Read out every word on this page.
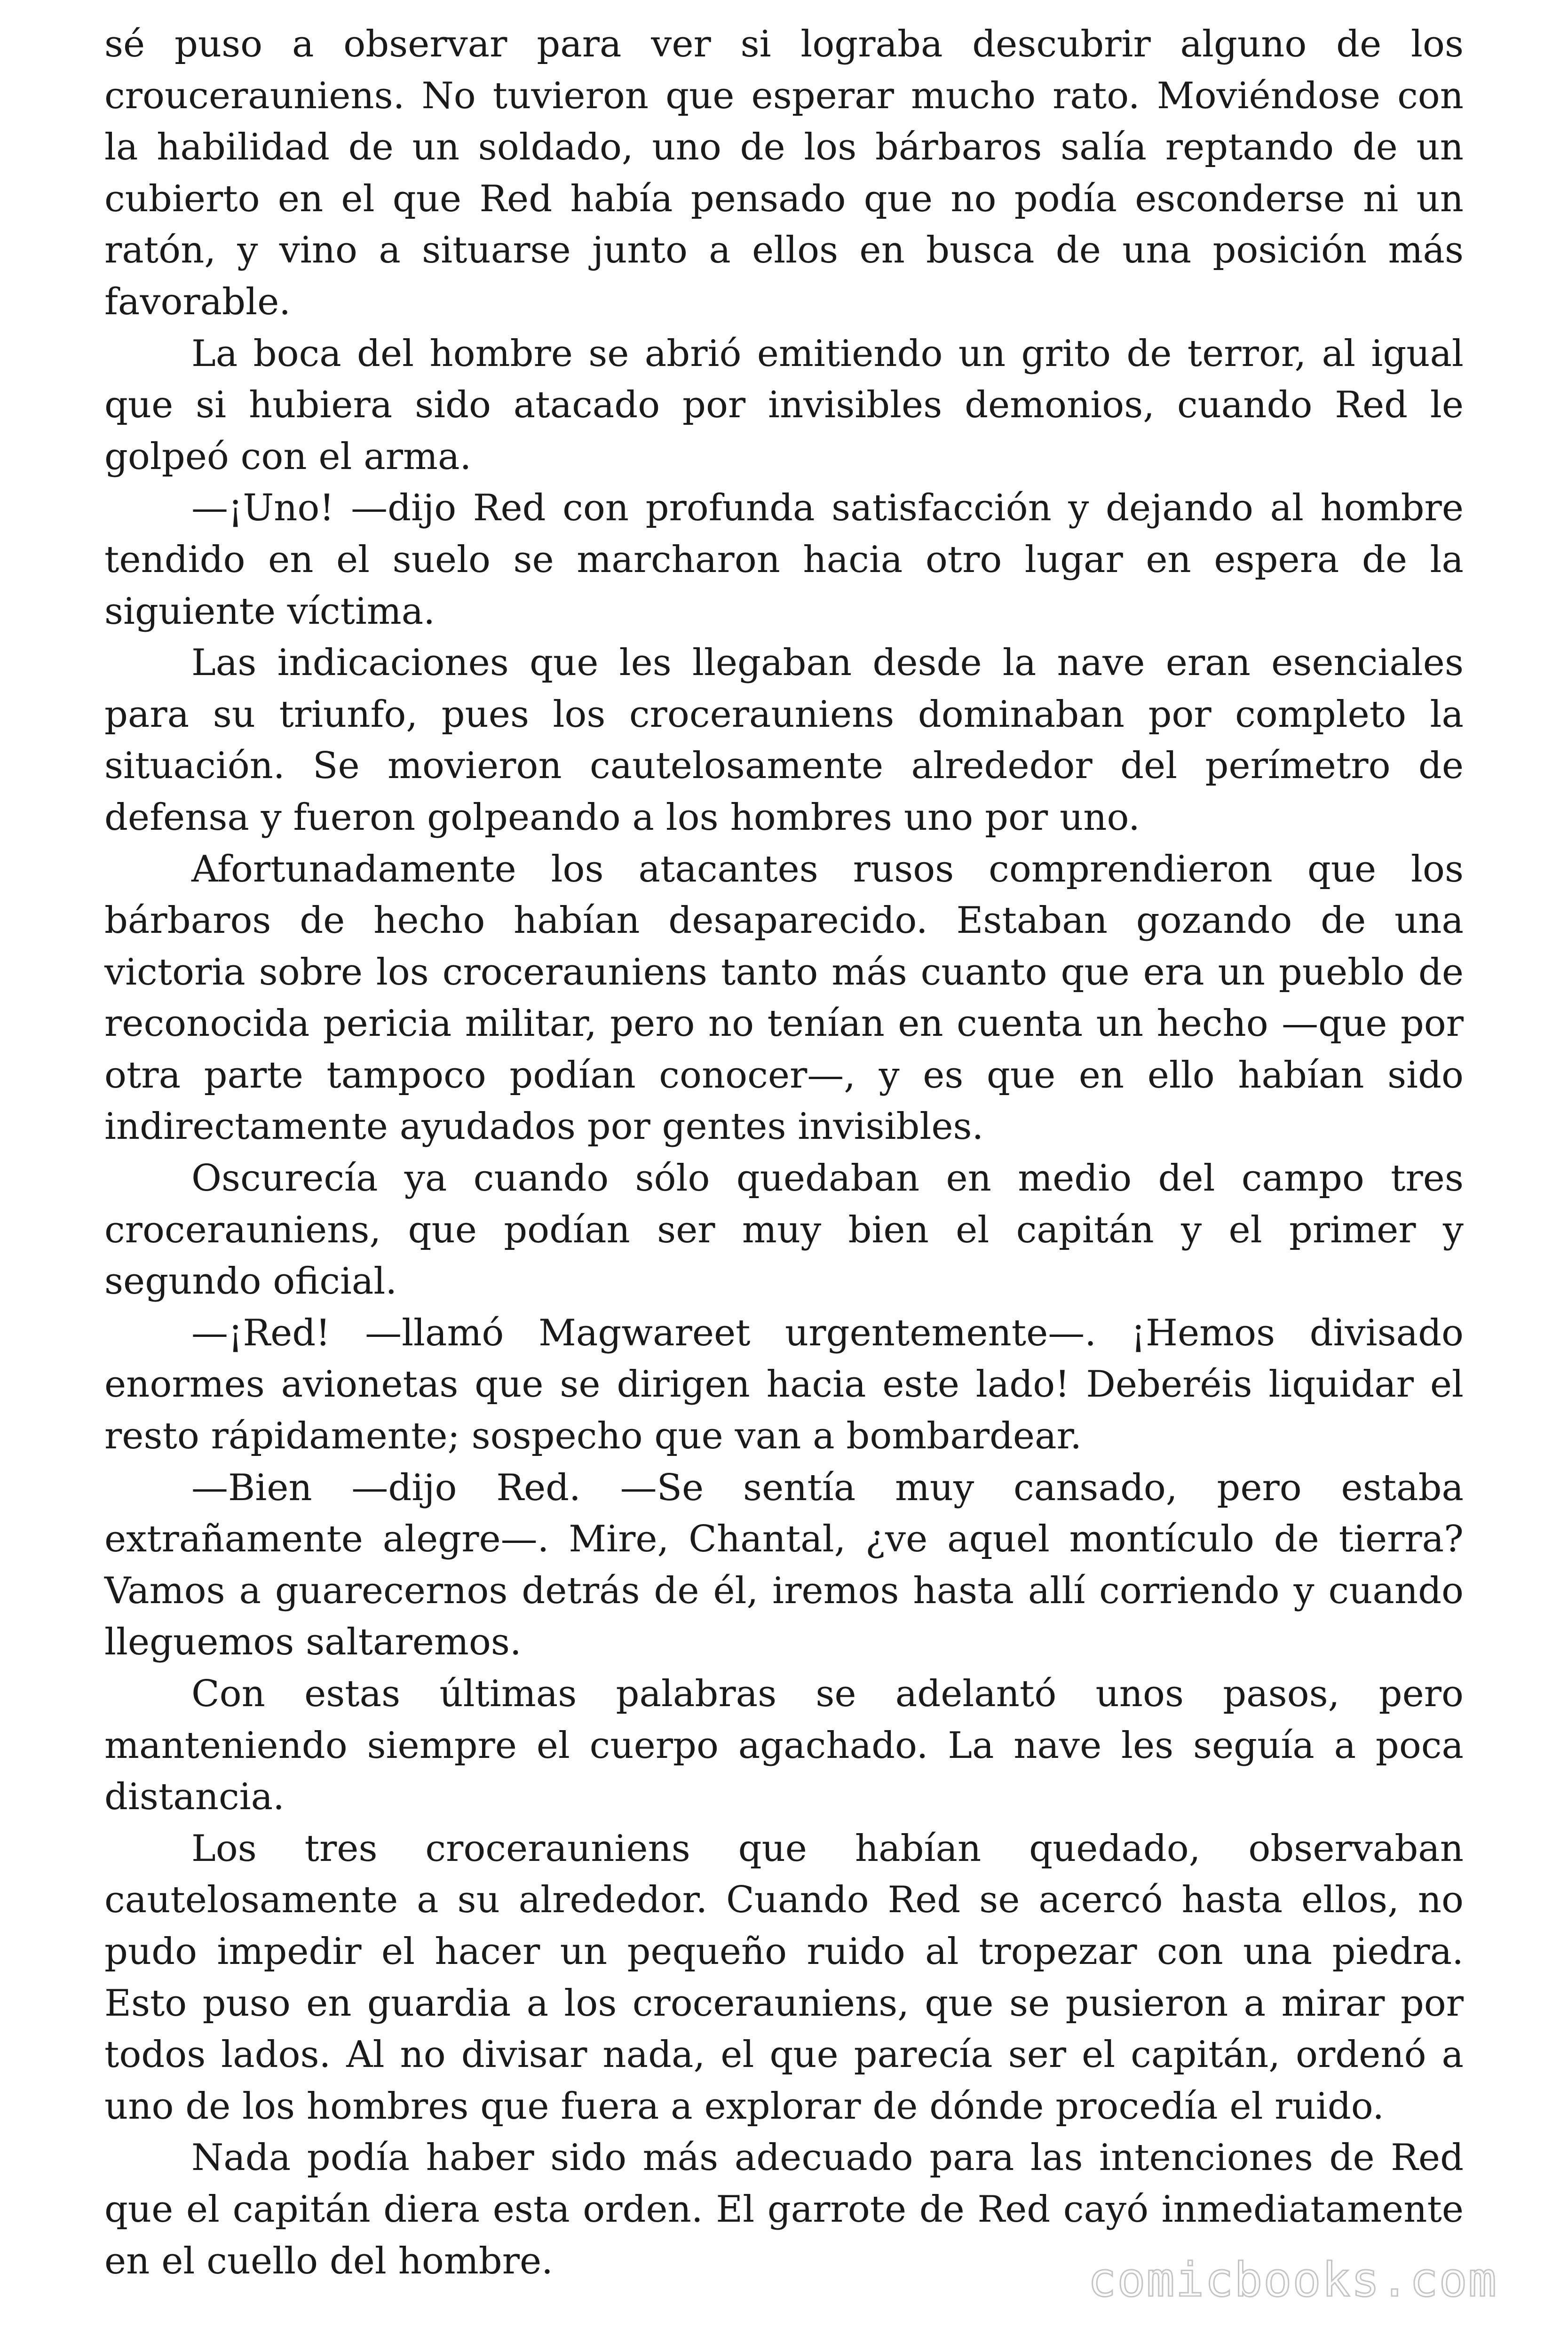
sé puso a observar para ver si lograba descubrir alguno de los croucerauniens. No tuvieron que esperar mucho rato. Moviéndose con la habilidad de un soldado, uno de los bárbaros salía reptando de un cubierto en el que Red había pensado que no podía esconderse ni un ratón, y vino a situarse junto a ellos en busca de una posición más favorable.

La boca del hombre se abrió emitiendo un grito de terror, al igual que si hubiera sido atacado por invisibles demonios, cuando Red le golpeó con el arma.

—¡Uno! —dijo Red con profunda satisfacción y dejando al hombre tendido en el suelo se marcharon hacia otro lugar en espera de la siguiente víctima.

Las indicaciones que les llegaban desde la nave eran esenciales para su triunfo, pues los crocerauniens dominaban por completo la situación. Se movieron cautelosamente alrededor del perímetro de defensa y fueron golpeando a los hombres uno por uno.

Afortunadamente los atacantes rusos comprendieron que los bárbaros de hecho habían desaparecido. Estaban gozando de una victoria sobre los crocerauniens tanto más cuanto que era un pueblo de reconocida pericia militar, pero no tenían en cuenta un hecho —que por otra parte tampoco podían conocer—, y es que en ello habían sido indirectamente ayudados por gentes invisibles.

Oscurecía ya cuando sólo quedaban en medio del campo tres crocerauniens, que podían ser muy bien el capitán y el primer y segundo oficial.

—¡Red! —llamó Magwareet urgentemente—. ¡Hemos divisado enormes avionetas que se dirigen hacia este lado! Deberéis liquidar el resto rápidamente; sospecho que van a bombardear.

—Bien —dijo Red. —Se sentía muy cansado, pero estaba extrañamente alegre—. Mire, Chantal, ¿ve aquel montículo de tierra? Vamos a guarecernos detrás de él, iremos hasta allí corriendo y cuando lleguemos saltaremos.

Con estas últimas palabras se adelantó unos pasos, pero manteniendo siempre el cuerpo agachado. La nave les seguía a poca distancia.

Los tres crocerauniens que habían quedado, observaban cautelosamente a su alrededor. Cuando Red se acercó hasta ellos, no pudo impedir el hacer un pequeño ruido al tropezar con una piedra. Esto puso en guardia a los crocerauniens, que se pusieron a mirar por todos lados. Al no divisar nada, el que parecía ser el capitán, ordenó a uno de los hombres que fuera a explorar de dónde procedía el ruido.

Nada podía haber sido más adecuado para las intenciones de Red que el capitán diera esta orden. El garrote de Red cayó inmediatamente en el cuello del hombre.	comicbooks.com
